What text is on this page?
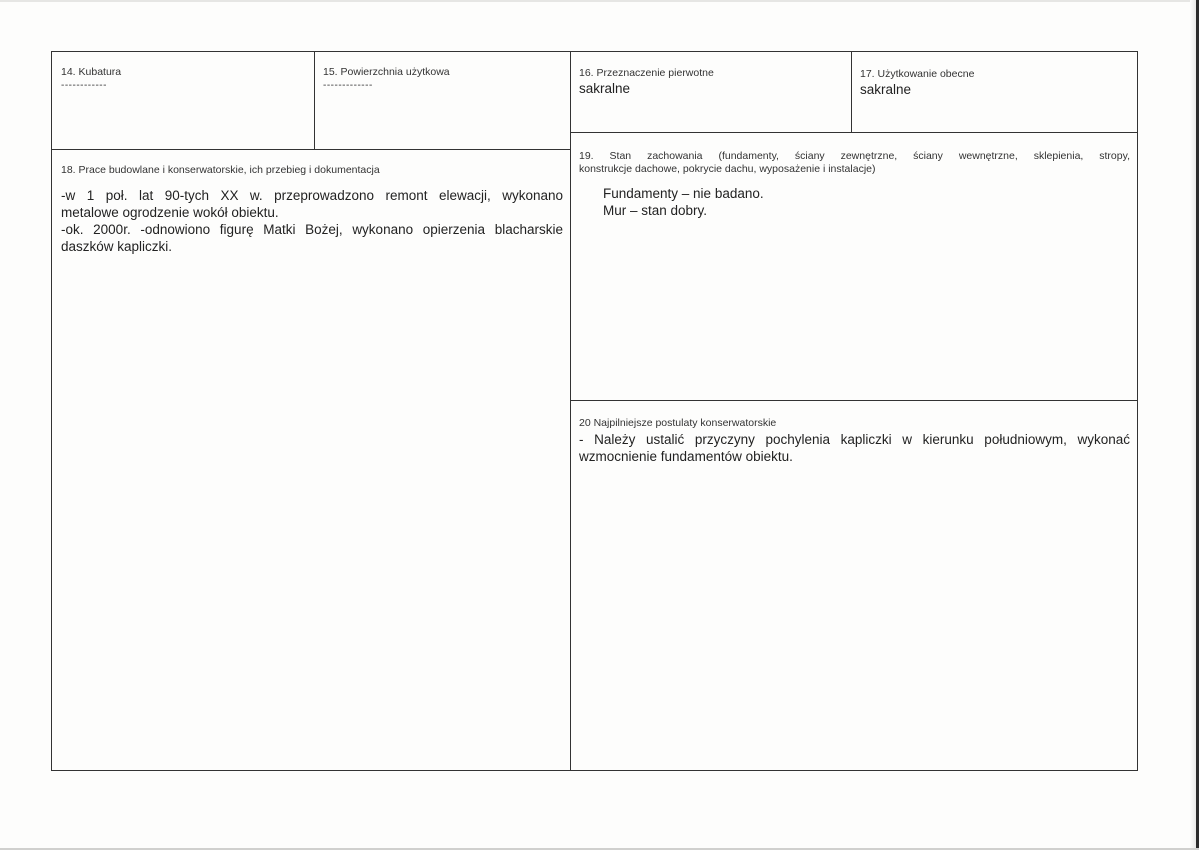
14. Kubatura
------------
15. Powierzchnia użytkowa
-------------
16. Przeznaczenie pierwotne
sakralne
17. Użytkowanie obecne
sakralne
18. Prace budowlane i konserwatorskie, ich przebieg i dokumentacja
-w 1 poł. lat 90-tych XX w. przeprowadzono remont elewacji, wykonano
metalowe ogrodzenie wokół obiektu.
-ok. 2000r. -odnowiono figurę Matki Bożej, wykonano opierzenia blacharskie
daszków kapliczki.
19. Stan zachowania (fundamenty, ściany zewnętrzne, ściany wewnętrzne, sklepienia, stropy,
konstrukcje dachowe, pokrycie dachu, wyposażenie i instalacje)
Fundamenty – nie badano.
Mur – stan dobry.
20 Najpilniejsze postulaty konserwatorskie
- Należy ustalić przyczyny pochylenia kapliczki w kierunku południowym, wykonać
wzmocnienie fundamentów obiektu.
